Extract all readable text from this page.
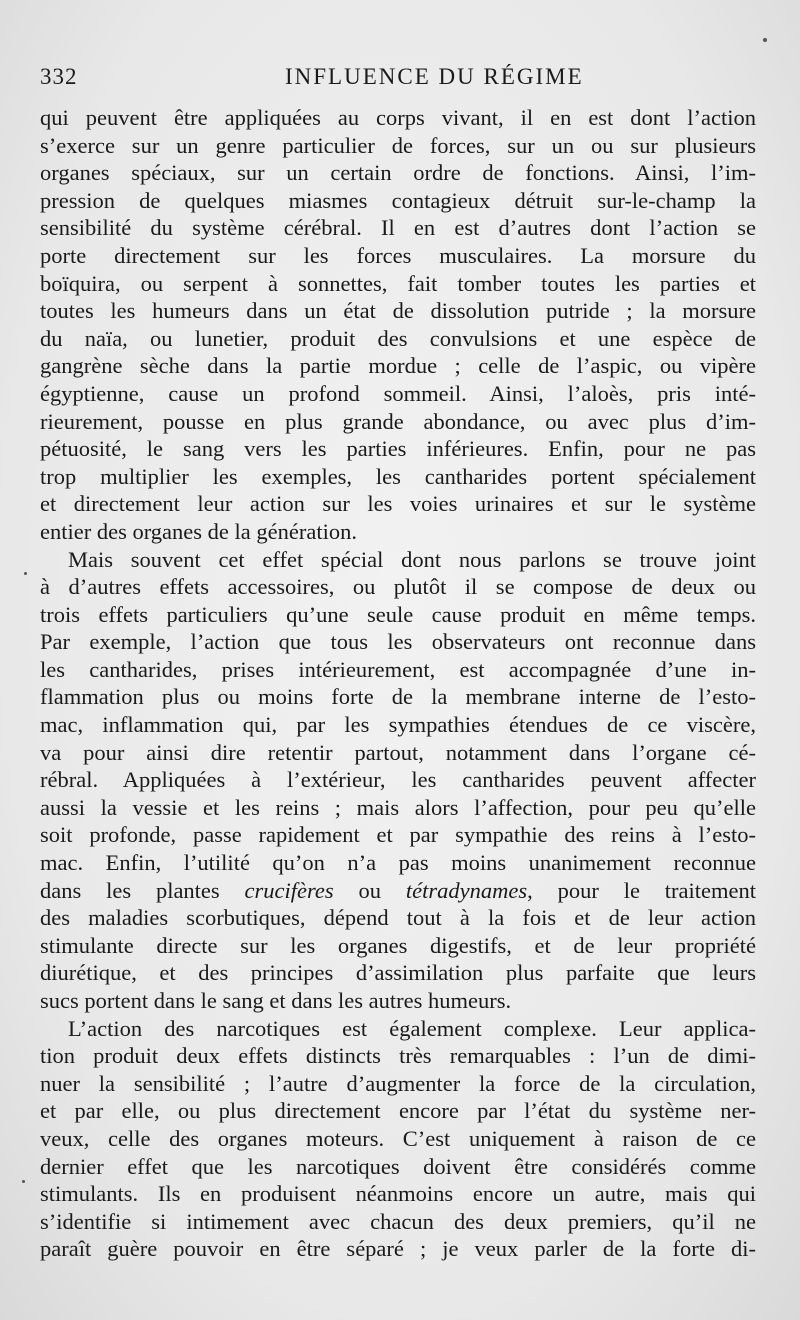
332	INFLUENCE DU RÉGIME
qui peuvent être appliquées au corps vivant, il en est dont l’action
s’exerce sur un genre particulier de forces, sur un ou sur plusieurs
organes spéciaux, sur un certain ordre de fonctions. Ainsi, l’im-
pression de quelques miasmes contagieux détruit sur-le-champ la
sensibilité du système cérébral. Il en est d’autres dont l’action se
porte directement sur les forces musculaires. La morsure du
boïquira, ou serpent à sonnettes, fait tomber toutes les parties et
toutes les humeurs dans un état de dissolution putride ; la morsure
du naïa, ou lunetier, produit des convulsions et une espèce de
gangrène sèche dans la partie mordue ; celle de l’aspic, ou vipère
égyptienne, cause un profond sommeil. Ainsi, l’aloès, pris inté-
rieurement, pousse en plus grande abondance, ou avec plus d’im-
pétuosité, le sang vers les parties inférieures. Enfin, pour ne pas
trop multiplier les exemples, les cantharides portent spécialement
et directement leur action sur les voies urinaires et sur le système
entier des organes de la génération.
Mais souvent cet effet spécial dont nous parlons se trouve joint
à d’autres effets accessoires, ou plutôt il se compose de deux ou
trois effets particuliers qu’une seule cause produit en même temps.
Par exemple, l’action que tous les observateurs ont reconnue dans
les cantharides, prises intérieurement, est accompagnée d’une in-
flammation plus ou moins forte de la membrane interne de l’esto-
mac, inflammation qui, par les sympathies étendues de ce viscère,
va pour ainsi dire retentir partout, notamment dans l’organe cé-
rébral. Appliquées à l’extérieur, les cantharides peuvent affecter
aussi la vessie et les reins ; mais alors l’affection, pour peu qu’elle
soit profonde, passe rapidement et par sympathie des reins à l’esto-
mac. Enfin, l’utilité qu’on n’a pas moins unanimement reconnue
dans les plantes crucifères ou tétradynames, pour le traitement
des maladies scorbutiques, dépend tout à la fois et de leur action
stimulante directe sur les organes digestifs, et de leur propriété
diurétique, et des principes d’assimilation plus parfaite que leurs
sucs portent dans le sang et dans les autres humeurs.
L’action des narcotiques est également complexe. Leur applica-
tion produit deux effets distincts très remarquables : l’un de dimi-
nuer la sensibilité ; l’autre d’augmenter la force de la circulation,
et par elle, ou plus directement encore par l’état du système ner-
veux, celle des organes moteurs. C’est uniquement à raison de ce
dernier effet que les narcotiques doivent être considérés comme
stimulants. Ils en produisent néanmoins encore un autre, mais qui
s’identifie si intimement avec chacun des deux premiers, qu’il ne
paraît guère pouvoir en être séparé ; je veux parler de la forte di-
